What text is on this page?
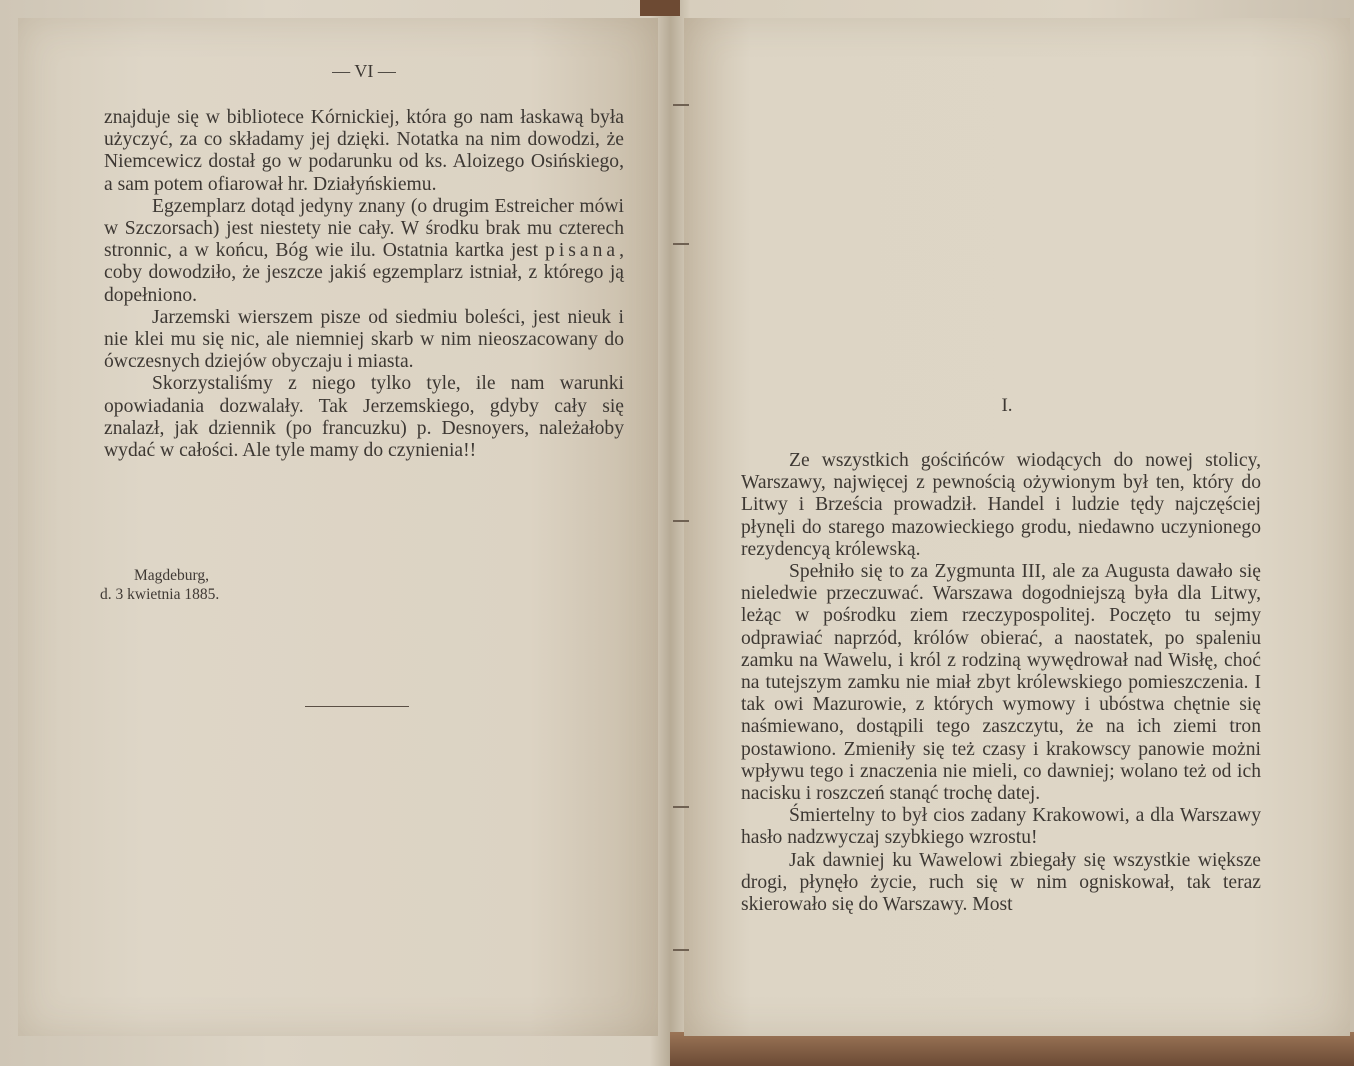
— VI —

znajduje się w bibliotece Kórnickiej, która go nam łaskawą była użyczyć, za co składamy jej dzięki. Notatka na nim dowodzi, że Niemcewicz dostał go w podarunku od ks. Aloizego Osińskiego, a sam potem ofiarował hr. Działyńskiemu.

Egzemplarz dotąd jedyny znany (o drugim Estreicher mówi w Szczorsach) jest niestety nie cały. W środku brak mu czterech stronnic, a w końcu, Bóg wie ilu. Ostatnia kartka jest pisana, coby dowodziło, że jeszcze jakiś egzemplarz istniał, z którego ją dopełniono.

Jarzemski wierszem pisze od siedmiu boleści, jest nieuk i nie klei mu się nic, ale niemniej skarb w nim nieoszacowany do ówczesnych dziejów obyczaju i miasta.

Skorzystaliśmy z niego tylko tyle, ile nam warunki opowiadania dozwalały. Tak Jerzemskiego, gdyby cały się znalazł, jak dziennik (po francuzku) p. Desnoyers, należałoby wydać w całości. Ale tyle mamy do czynienia!!

Magdeburg,
d. 3 kwietnia 1885.
I.

Ze wszystkich gościńców wiodących do nowej stolicy, Warszawy, najwięcej z pewnością ożywionym był ten, który do Litwy i Brześcia prowadził. Handel i ludzie tędy najczęściej płynęli do starego mazowieckiego grodu, niedawno uczynionego rezydencyą królewską.

Spełniło się to za Zygmunta III, ale za Augusta dawało się nieledwie przeczuwać. Warszawa dogodniejszą była dla Litwy, leżąc w pośrodku ziem rzeczypospolitej. Poczęto tu sejmy odprawiać naprzód, królów obierać, a naostatek, po spaleniu zamku na Wawelu, i król z rodziną wywędrował nad Wisłę, choć na tutejszym zamku nie miał zbyt królewskiego pomieszczenia. I tak owi Mazurowie, z których wymowy i ubóstwa chętnie się naśmiewano, dostąpili tego zaszczytu, że na ich ziemi tron postawiono. Zmieniły się też czasy i krakowscy panowie możni wpływu tego i znaczenia nie mieli, co dawniej; wolano też od ich nacisku i roszczeń stanąć trochę datej.

Śmiertelny to był cios zadany Krakowowi, a dla Warszawy hasło nadzwyczaj szybkiego wzrostu!

Jak dawniej ku Wawelowi zbiegały się wszystkie większe drogi, płynęło życie, ruch się w nim ogniskował, tak teraz skierowało się do Warszawy. Most
